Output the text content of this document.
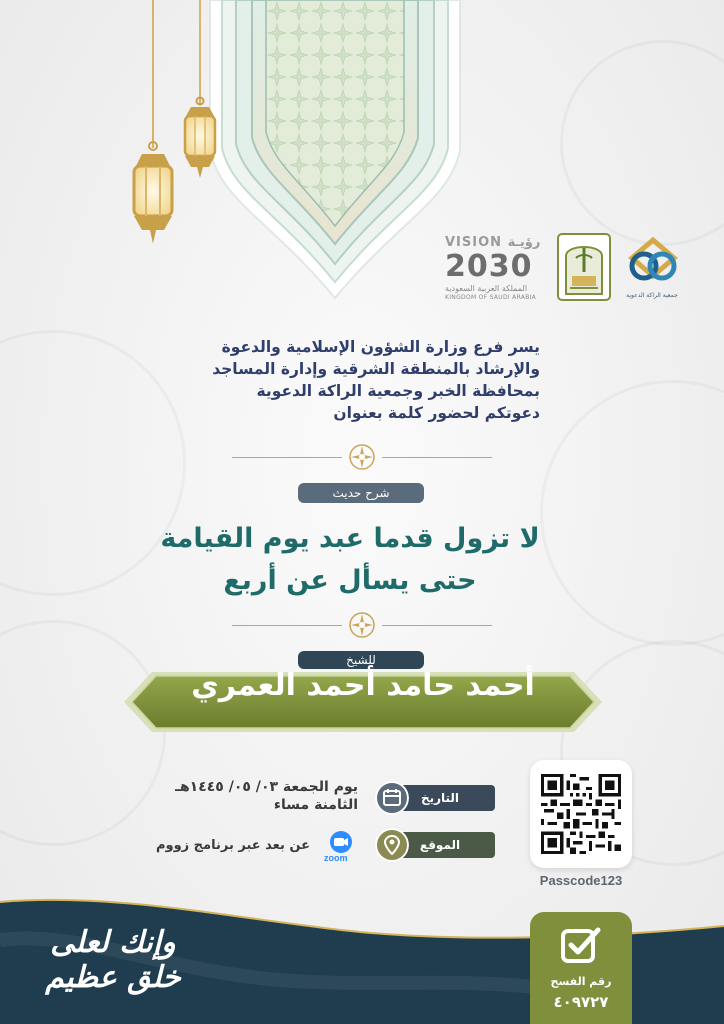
VISION رؤيـة
2030
المملكة العربية السعودية
KINGDOM OF SAUDI ARABIA	جمعية الراكة الدعوية
يسر فرع وزارة الشؤون الإسلامية والدعوة
والإرشاد بالمنطقة الشرقية وإدارة المساجد
بمحافظة الخبر وجمعية الراكة الدعوية
دعوتكم لحضور كلمة بعنوان
شرح حديث
لا تزول قدما عبد يوم القيامة
حتى يسأل عن أربع
للشيخ
أحمد حامد أحمد العمري
يوم الجمعة ٠٣/ ٠٥/ ١٤٤٥هـ
الثامنة مساء	التاريخ
عن بعد عبر برنامج زووم
zoom
الموقع
Passcode123
وإنك لعلى خلق عظيم	رقم الفسح
٤٠٩٧٢٧
